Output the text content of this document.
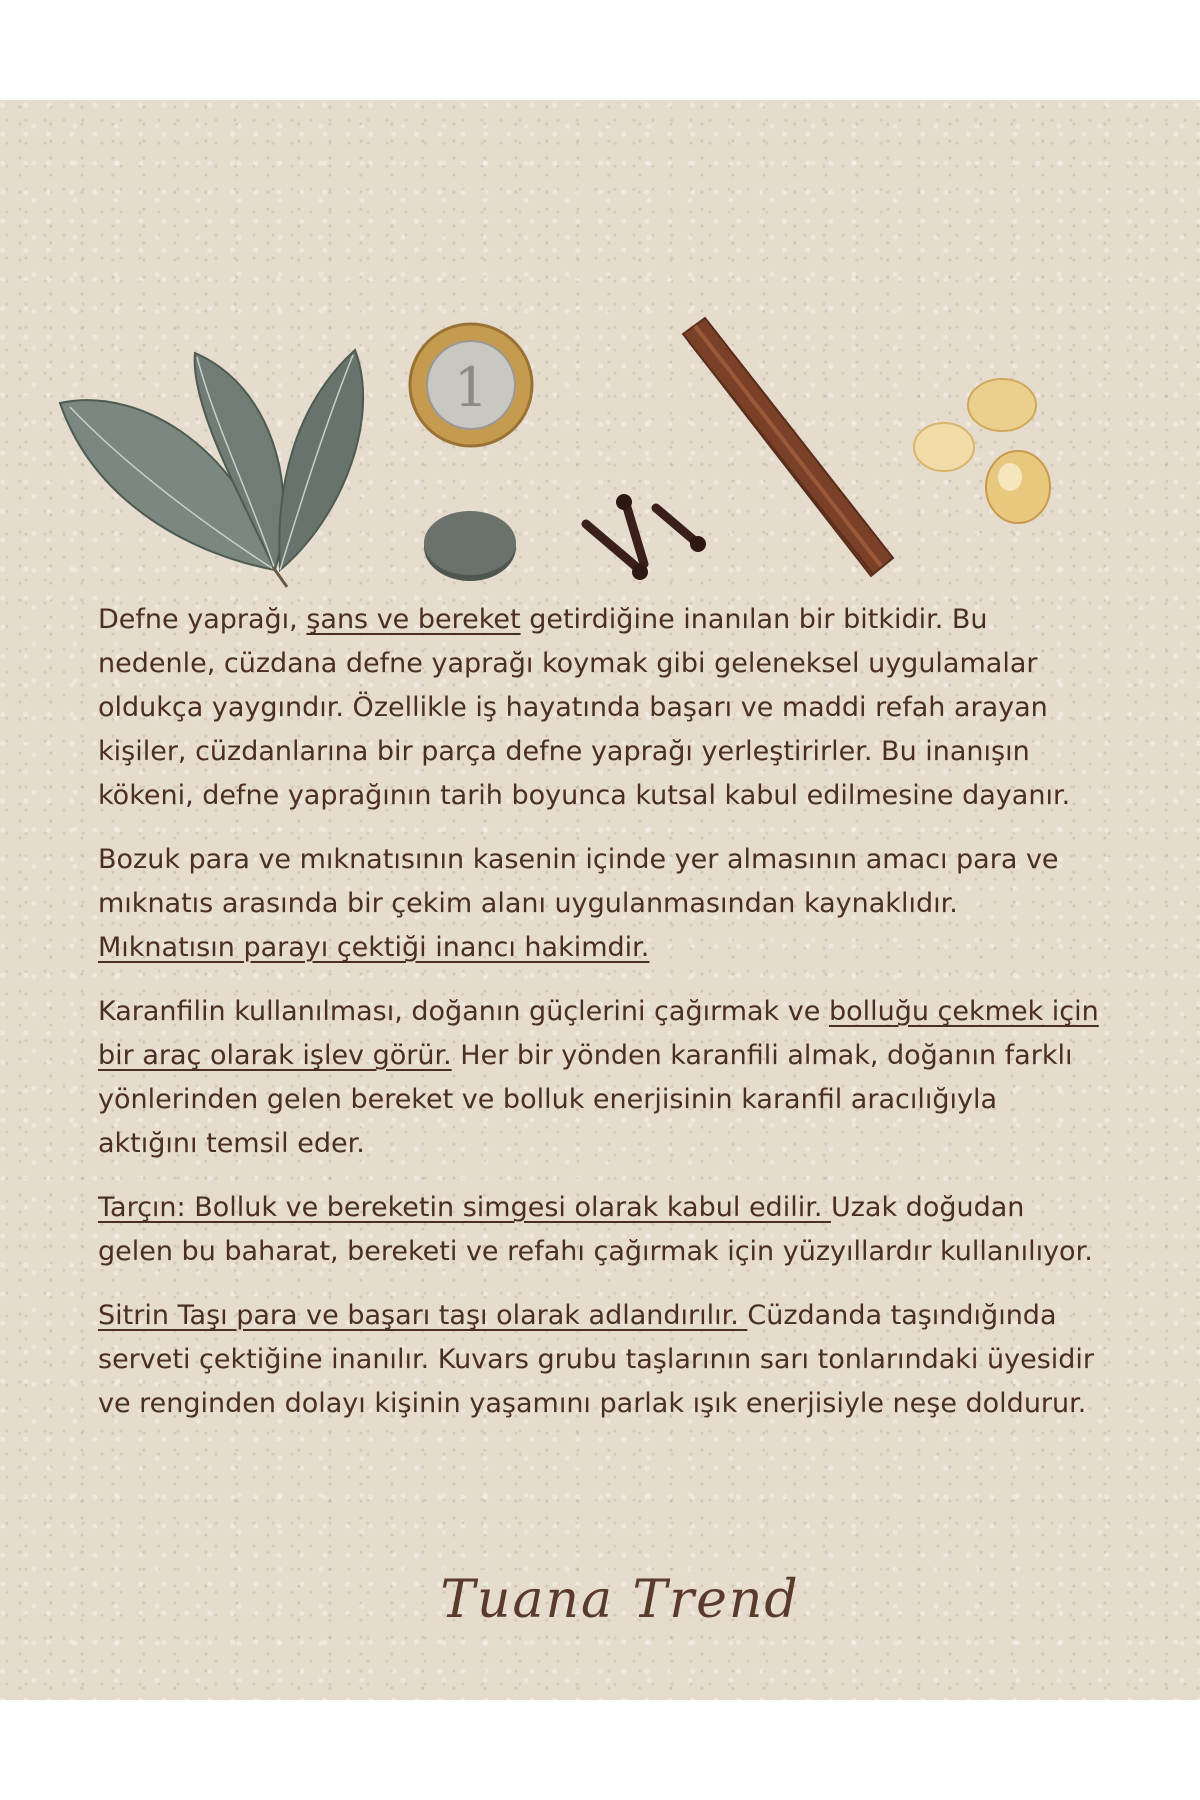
1

Defne yaprağı, şans ve bereket getirdiğine inanılan bir bitkidir. Bu nedenle, cüzdana defne yaprağı koymak gibi geleneksel uygulamalar oldukça yaygındır. Özellikle iş hayatında başarı ve maddi refah arayan kişiler, cüzdanlarına bir parça defne yaprağı yerleştirirler. Bu inanışın kökeni, defne yaprağının tarih boyunca kutsal kabul edilmesine dayanır.

Bozuk para ve mıknatısının kasenin içinde yer almasının amacı para ve mıknatıs arasında bir çekim alanı uygulanmasından kaynaklıdır. Mıknatısın parayı çektiği inancı hakimdir.

Karanfilin kullanılması, doğanın güçlerini çağırmak ve bolluğu çekmek için bir araç olarak işlev görür. Her bir yönden karanfili almak, doğanın farklı yönlerinden gelen bereket ve bolluk enerjisinin karanfil aracılığıyla aktığını temsil eder.

Tarçın: Bolluk ve bereketin simgesi olarak kabul edilir. Uzak doğudan gelen bu baharat, bereketi ve refahı çağırmak için yüzyıllardır kullanılıyor.

Sitrin Taşı para ve başarı taşı olarak adlandırılır. Cüzdanda taşındığında serveti çektiğine inanılır. Kuvars grubu taşlarının sarı tonlarındaki üyesidir ve renginden dolayı kişinin yaşamını parlak ışık enerjisiyle neşe doldurur.

Tuana Trend
